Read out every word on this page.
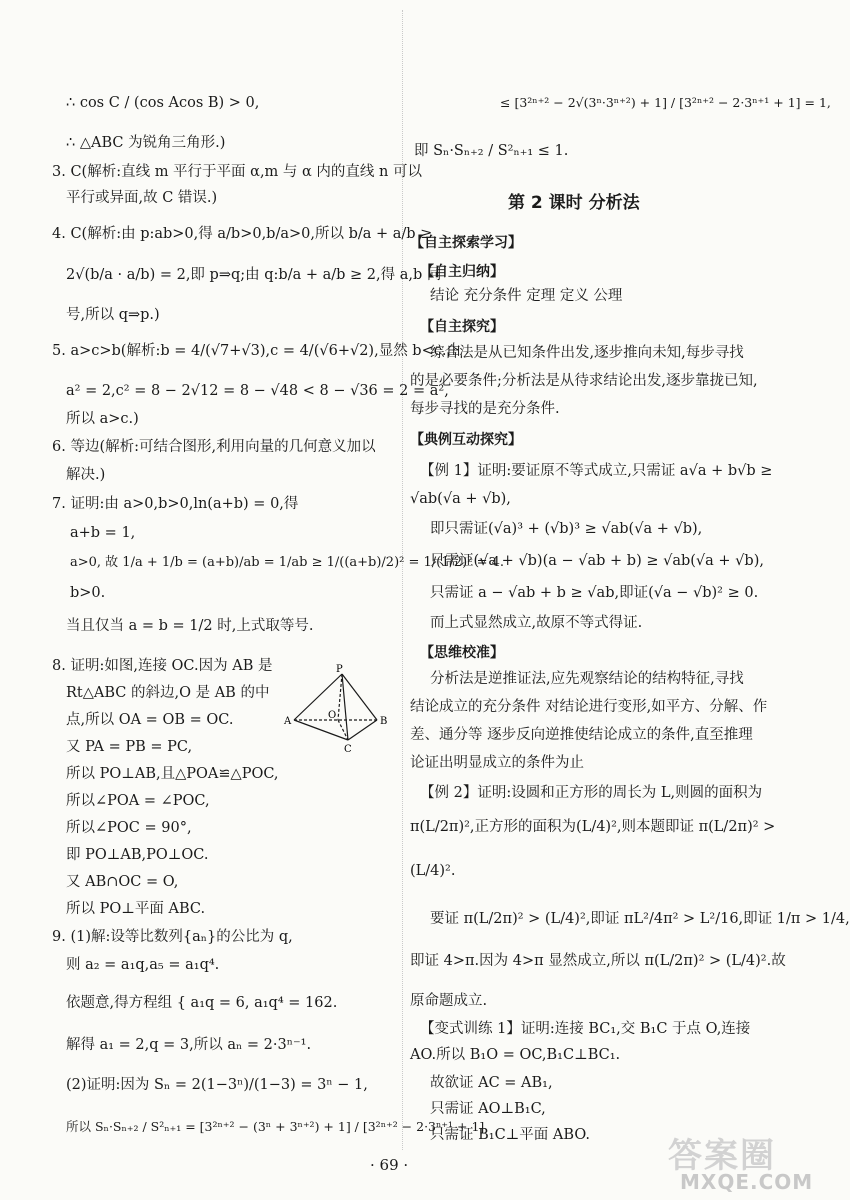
∴ cos C / (cos Acos B) > 0,
∴ △ABC 为锐角三角形.)
3. C(解析:直线 m 平行于平面 α,m 与 α 内的直线 n 可以
平行或异面,故 C 错误.)
4. C(解析:由 p:ab>0,得 a/b>0,b/a>0,所以 b/a + a/b ≥
2√(b/a · a/b) = 2,即 p⇒q;由 q:b/a + a/b ≥ 2,得 a,b 同
号,所以 q⇒p.)
5. a>c>b(解析:b = 4/(√7+√3),c = 4/(√6+√2),显然 b<c.由
a² = 2,c² = 8 − 2√12 = 8 − √48 < 8 − √36 = 2 = a²,
所以 a>c.)
6. 等边(解析:可结合图形,利用向量的几何意义加以
解决.)
7. 证明:由 a>0,b>0,ln(a+b) = 0,得
a+b = 1,
a>0, 故 1/a + 1/b = (a+b)/ab = 1/ab ≥ 1/((a+b)/2)² = 1/(1/2)² = 4.
b>0.
当且仅当 a = b = 1/2 时,上式取等号.
8. 证明:如图,连接 OC.因为 AB 是
Rt△ABC 的斜边,O 是 AB 的中
点,所以 OA = OB = OC.
又 PA = PB = PC,
所以 PO⊥AB,且△POA≌△POC,
所以∠POA = ∠POC,
所以∠POC = 90°,
即 PO⊥AB,PO⊥OC.
又 AB∩OC = O,
所以 PO⊥平面 ABC.
9. (1)解:设等比数列{aₙ}的公比为 q,
则 a₂ = a₁q,a₅ = a₁q⁴.
依题意,得方程组 { a₁q = 6, a₁q⁴ = 162.
解得 a₁ = 2,q = 3,所以 aₙ = 2·3ⁿ⁻¹.
(2)证明:因为 Sₙ = 2(1−3ⁿ)/(1−3) = 3ⁿ − 1,
所以 Sₙ·Sₙ₊₂ / S²ₙ₊₁ = [3²ⁿ⁺² − (3ⁿ + 3ⁿ⁺²) + 1] / [3²ⁿ⁺² − 2·3ⁿ⁺¹ + 1]
P
A
O
B
C
≤ [3²ⁿ⁺² − 2√(3ⁿ·3ⁿ⁺²) + 1] / [3²ⁿ⁺² − 2·3ⁿ⁺¹ + 1] = 1,
即 Sₙ·Sₙ₊₂ / S²ₙ₊₁ ≤ 1.
第 2 课时 分析法
【自主探索学习】
【自主归纳】
结论 充分条件 定理 定义 公理
【自主探究】
综合法是从已知条件出发,逐步推向未知,每步寻找
的是必要条件;分析法是从待求结论出发,逐步靠拢已知,
每步寻找的是充分条件.
【典例互动探究】
【例 1】证明:要证原不等式成立,只需证 a√a + b√b ≥
√ab(√a + √b),
即只需证(√a)³ + (√b)³ ≥ √ab(√a + √b),
只需证(√a + √b)(a − √ab + b) ≥ √ab(√a + √b),
只需证 a − √ab + b ≥ √ab,即证(√a − √b)² ≥ 0.
而上式显然成立,故原不等式得证.
【思维校准】
分析法是逆推证法,应先观察结论的结构特征,寻找
结论成立的充分条件 对结论进行变形,如平方、分解、作
差、通分等 逐步反向逆推使结论成立的条件,直至推理
论证出明显成立的条件为止
【例 2】证明:设圆和正方形的周长为 L,则圆的面积为
π(L/2π)²,正方形的面积为(L/4)²,则本题即证 π(L/2π)² >
(L/4)².
要证 π(L/2π)² > (L/4)²,即证 πL²/4π² > L²/16,即证 1/π > 1/4,
即证 4>π.因为 4>π 显然成立,所以 π(L/2π)² > (L/4)².故
原命题成立.
【变式训练 1】证明:连接 BC₁,交 B₁C 于点 O,连接
AO.所以 B₁O = OC,B₁C⊥BC₁.
故欲证 AC = AB₁,
只需证 AO⊥B₁C,
只需证 B₁C⊥平面 ABO.
· 69 ·	答案圈
MXQE.COM
